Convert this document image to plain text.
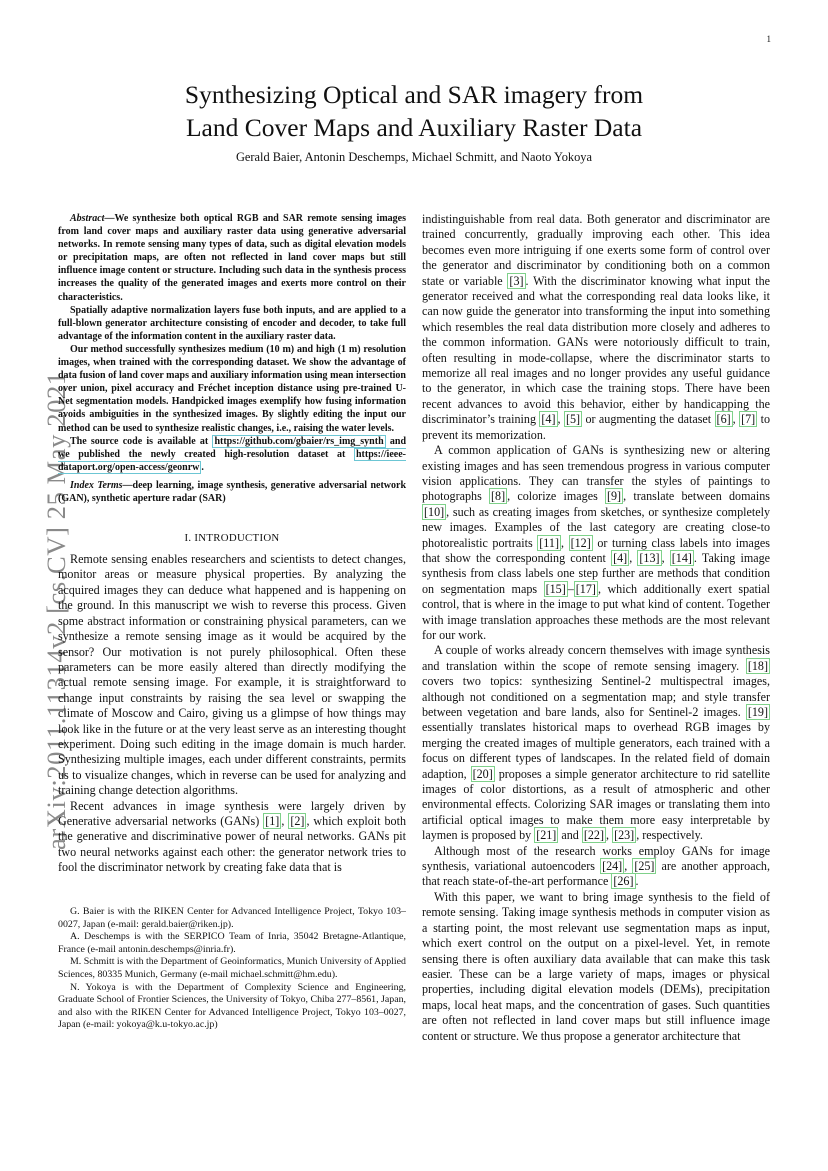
1
arXiv:2011.11314v2 [cs.CV] 25 May 2021
Synthesizing Optical and SAR imagery from
Land Cover Maps and Auxiliary Raster Data
Gerald Baier, Antonin Deschemps, Michael Schmitt, and Naoto Yokoya

Abstract—We synthesize both optical RGB and SAR remote sensing images from land cover maps and auxiliary raster data using generative adversarial networks. In remote sensing many types of data, such as digital elevation models or precipitation maps, are often not reflected in land cover maps but still influence image content or structure. Including such data in the synthesis process increases the quality of the generated images and exerts more control on their characteristics.

Spatially adaptive normalization layers fuse both inputs, and are applied to a full-blown generator architecture consisting of encoder and decoder, to take full advantage of the information content in the auxiliary raster data.

Our method successfully synthesizes medium (10 m) and high (1 m) resolution images, when trained with the corresponding dataset. We show the advantage of data fusion of land cover maps and auxiliary information using mean intersection over union, pixel accuracy and Fréchet inception distance using pre-trained U-Net segmentation models. Handpicked images exemplify how fusing information avoids ambiguities in the synthesized images. By slightly editing the input our method can be used to synthesize realistic changes, i.e., raising the water levels.

The source code is available at https://github.com/gbaier/rs_img_synth and we published the newly created high-resolution dataset at https://ieee-dataport.org/open-access/geonrw .

Index Terms—deep learning, image synthesis, generative adversarial network (GAN), synthetic aperture radar (SAR)

I. INTRODUCTION

Remote sensing enables researchers and scientists to detect changes, monitor areas or measure physical properties. By analyzing the acquired images they can deduce what happened and is happening on the ground. In this manuscript we wish to reverse this process. Given some abstract information or constraining physical parameters, can we synthesize a remote sensing image as it would be acquired by the sensor? Our motivation is not purely philosophical. Often these parameters can be more easily altered than directly modifying the actual remote sensing image. For example, it is straightforward to change input constraints by raising the sea level or swapping the climate of Moscow and Cairo, giving us a glimpse of how things may look like in the future or at the very least serve as an interesting thought experiment. Doing such editing in the image domain is much harder. Synthesizing multiple images, each under different constraints, permits us to visualize changes, which in reverse can be used for analyzing and training change detection algorithms.

Recent advances in image synthesis were largely driven by Generative adversarial networks (GANs) [1] , [2] , which exploit both the generative and discriminative power of neural networks. GANs pit two neural networks against each other: the generator network tries to fool the discriminator network by creating fake data that is

G. Baier is with the RIKEN Center for Advanced Intelligence Project, Tokyo 103–0027, Japan (e-mail: gerald.baier@riken.jp).

A. Deschemps is with the SERPICO Team of Inria, 35042 Bretagne-Atlantique, France (e-mail antonin.deschemps@inria.fr).

M. Schmitt is with the Department of Geoinformatics, Munich University of Applied Sciences, 80335 Munich, Germany (e-mail michael.schmitt@hm.edu).

N. Yokoya is with the Department of Complexity Science and Engineering, Graduate School of Frontier Sciences, the University of Tokyo, Chiba 277–8561, Japan, and also with the RIKEN Center for Advanced Intelligence Project, Tokyo 103–0027, Japan (e-mail: yokoya@k.u-tokyo.ac.jp)

indistinguishable from real data. Both generator and discriminator are trained concurrently, gradually improving each other. This idea becomes even more intriguing if one exerts some form of control over the generator and discriminator by conditioning both on a common state or variable [3] . With the discriminator knowing what input the generator received and what the corresponding real data looks like, it can now guide the generator into transforming the input into something which resembles the real data distribution more closely and adheres to the common information. GANs were notoriously difficult to train, often resulting in mode-collapse, where the discriminator starts to memorize all real images and no longer provides any useful guidance to the generator, in which case the training stops. There have been recent advances to avoid this behavior, either by handicapping the discriminator’s training [4] , [5] or augmenting the dataset [6] , [7] to prevent its memorization.

A common application of GANs is synthesizing new or altering existing images and has seen tremendous progress in various computer vision applications. They can transfer the styles of paintings to photographs [8] , colorize images [9] , translate between domains [10] , such as creating images from sketches, or synthesize completely new images. Examples of the last category are creating close-to photorealistic portraits [11] , [12] or turning class labels into images that show the corresponding content [4] , [13] , [14] . Taking image synthesis from class labels one step further are methods that condition on segmentation maps [15] – [17] , which additionally exert spatial control, that is where in the image to put what kind of content. Together with image translation approaches these methods are the most relevant for our work.

A couple of works already concern themselves with image synthesis and translation within the scope of remote sensing imagery. [18] covers two topics: synthesizing Sentinel-2 multispectral images, although not conditioned on a segmentation map; and style transfer between vegetation and bare lands, also for Sentinel-2 images. [19] essentially translates historical maps to overhead RGB images by merging the created images of multiple generators, each trained with a focus on different types of landscapes. In the related field of domain adaption, [20] proposes a simple generator architecture to rid satellite images of color distortions, as a result of atmospheric and other environmental effects. Colorizing SAR images or translating them into artificial optical images to make them more easy interpretable by laymen is proposed by [21] and [22] , [23] , respectively.

Although most of the research works employ GANs for image synthesis, variational autoencoders [24] , [25] are another approach, that reach state-of-the-art performance [26] .

With this paper, we want to bring image synthesis to the field of remote sensing. Taking image synthesis methods in computer vision as a starting point, the most relevant use segmentation maps as input, which exert control on the output on a pixel-level. Yet, in remote sensing there is often auxiliary data available that can make this task easier. These can be a large variety of maps, images or physical properties, including digital elevation models (DEMs), precipitation maps, local heat maps, and the concentration of gases. Such quantities are often not reflected in land cover maps but still influence image content or structure. We thus propose a generator architecture that
